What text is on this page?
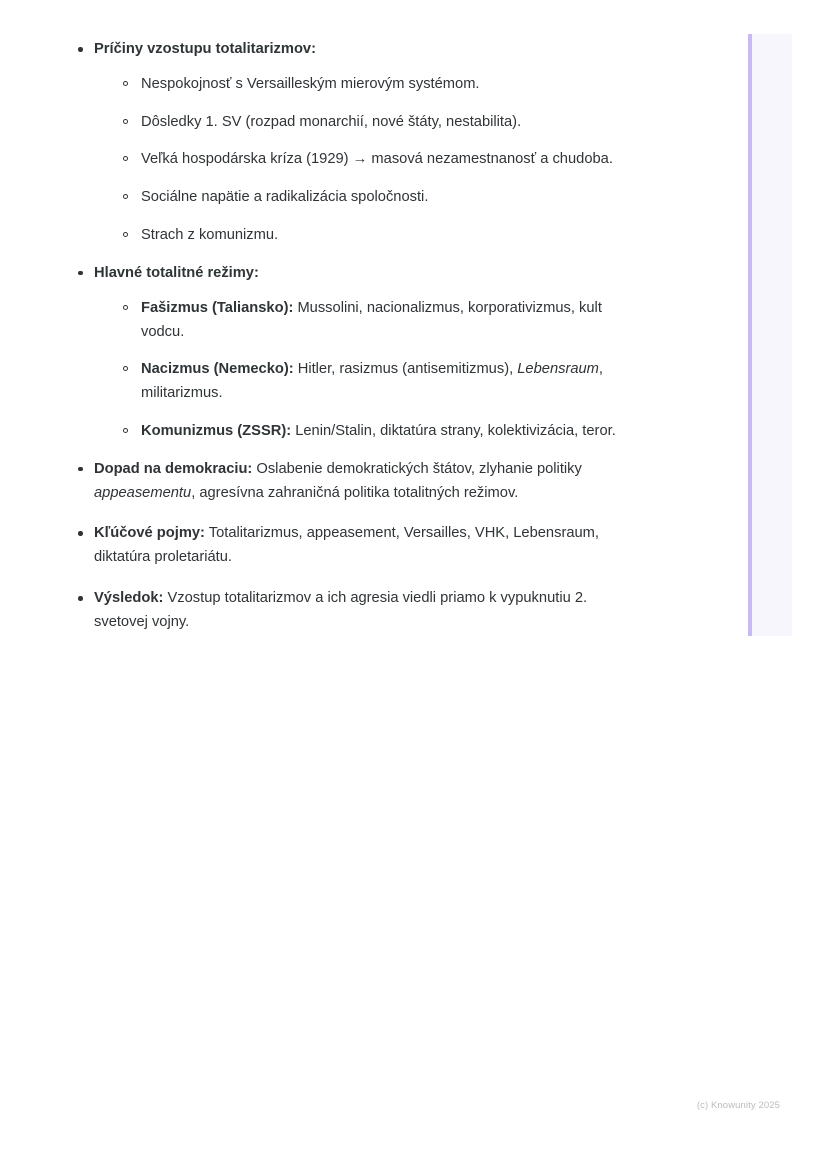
Príčiny vzostupu totalitarizmov:
Nespokojnosť s Versailleským mierovým systémom.
Dôsledky 1. SV (rozpad monarchií, nové štáty, nestabilita).
Veľká hospodárska kríza (1929) → masová nezamestnanosť a chudoba.
Sociálne napätie a radikalizácia spoločnosti.
Strach z komunizmu.
Hlavné totalitné režimy:
Fašizmus (Taliansko): Mussolini, nacionalizmus, korporativizmus, kult vodcu.
Nacizmus (Nemecko): Hitler, rasizmus (antisemitizmus), Lebensraum, militarizmus.
Komunizmus (ZSSR): Lenin/Stalin, diktatúra strany, kolektivizácia, teror.
Dopad na demokraciu: Oslabenie demokratických štátov, zlyhanie politiky appeasementu, agresívna zahraničná politika totalitných režimov.
Kľúčové pojmy: Totalitarizmus, appeasement, Versailles, VHK, Lebensraum, diktatúra proletariátu.
Výsledok: Vzostup totalitarizmov a ich agresia viedli priamo k vypuknutiu 2. svetovej vojny.
(c) Knowunity 2025
